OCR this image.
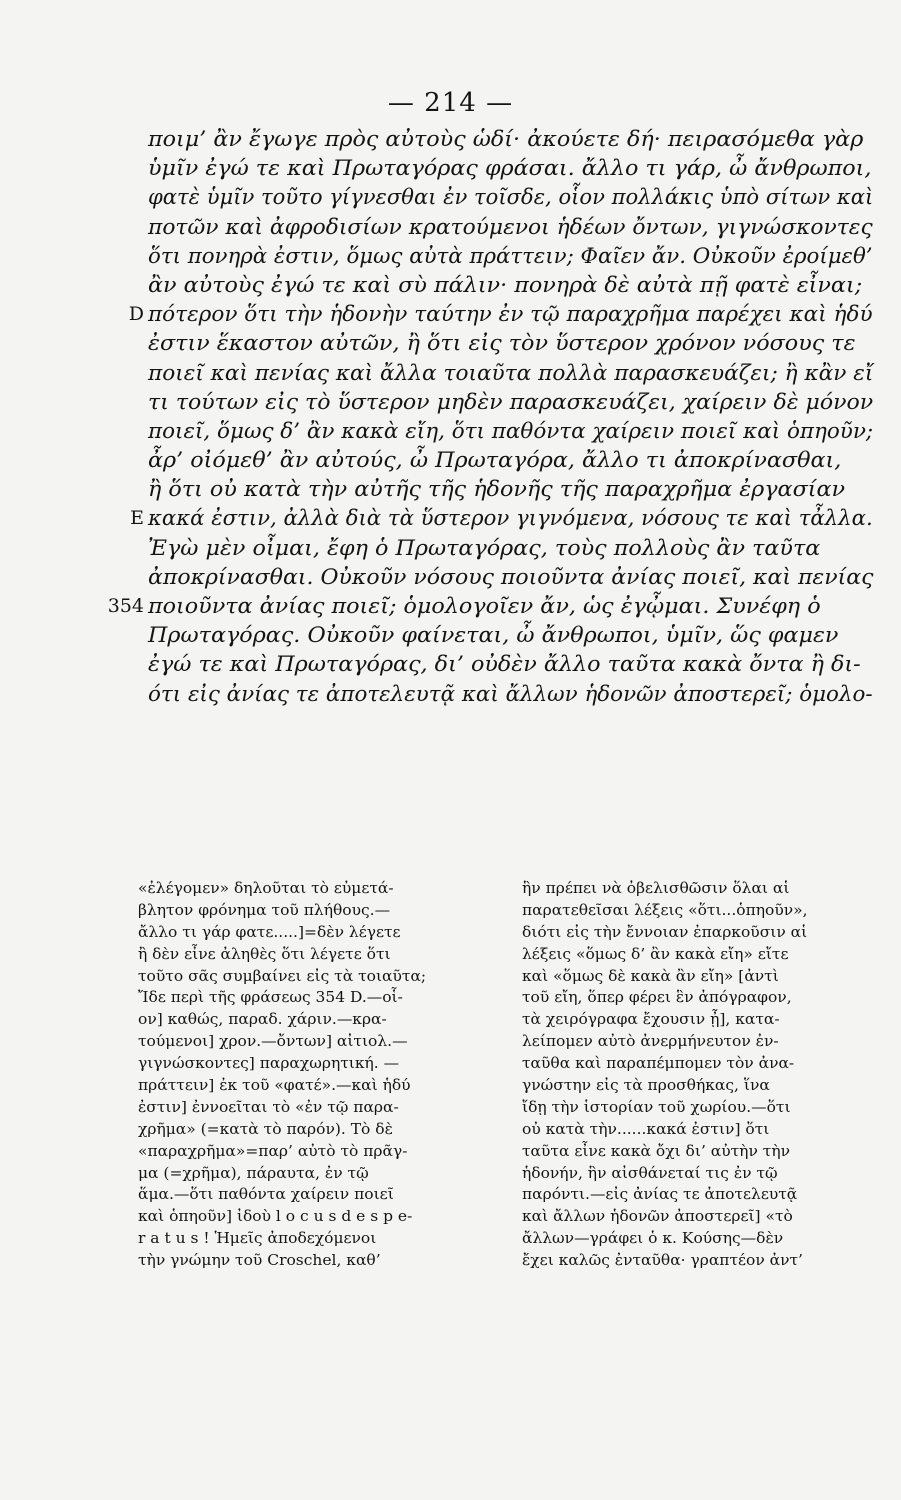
— 214 —
ποιμ’ ἂν ἔγωγε πρὸς αὐτοὺς ὡδί· ἀκούετε δή· πειρασόμεθα γὰρ
ὑμῖν ἐγώ τε καὶ Πρωταγόρας φράσαι. ἄλλο τι γάρ, ὦ ἄνθρωποι,
φατὲ ὑμῖν τοῦτο γίγνεσθαι ἐν τοῖσδε, οἷον πολλάκις ὑπὸ σίτων καὶ
ποτῶν καὶ ἀφροδισίων κρατούμενοι ἡδέων ὄντων, γιγνώσκοντες
ὅτι πονηρὰ ἐστιν, ὅμως αὐτὰ πράττειν; Φαῖεν ἄν. Οὐκοῦν ἐροίμεθ’
ἂν αὐτοὺς ἐγώ τε καὶ σὺ πάλιν· πονηρὰ δὲ αὐτὰ πῇ φατὲ εἶναι;
D πότερον ὅτι τὴν ἡδονὴν ταύτην ἐν τῷ παραχρῆμα παρέχει καὶ ἡδύ
ἐστιν ἕκαστον αὐτῶν, ἢ ὅτι εἰς τὸν ὕστερον χρόνον νόσους τε
ποιεῖ καὶ πενίας καὶ ἄλλα τοιαῦτα πολλὰ παρασκευάζει; ἢ κἂν εἴ
τι τούτων εἰς τὸ ὕστερον μηδὲν παρασκευάζει, χαίρειν δὲ μόνον
ποιεῖ, ὅμως δ’ ἂν κακὰ εἴη, ὅτι παθόντα χαίρειν ποιεῖ καὶ ὁπηοῦν;
ἆρ’ οἰόμεθ’ ἂν αὐτούς, ὦ Πρωταγόρα, ἄλλο τι ἀποκρίνασθαι,
ἢ ὅτι οὐ κατὰ τὴν αὐτῆς τῆς ἡδονῆς τῆς παραχρῆμα ἐργασίαν
E κακά ἐστιν, ἀλλὰ διὰ τὰ ὕστερον γιγνόμενα, νόσους τε καὶ τἆλλα.
Ἐγὼ μὲν οἶμαι, ἔφη ὁ Πρωταγόρας, τοὺς πολλοὺς ἂν ταῦτα
ἀποκρίνασθαι. Οὐκοῦν νόσους ποιοῦντα ἀνίας ποιεῖ, καὶ πενίας
354 ποιοῦντα ἀνίας ποιεῖ; ὁμολογοῖεν ἄν, ὡς ἐγᾦμαι. Συνέφη ὁ
Πρωταγόρας. Οὐκοῦν φαίνεται, ὦ ἄνθρωποι, ὑμῖν, ὥς φαμεν
ἐγώ τε καὶ Πρωταγόρας, δι’ οὐδὲν ἄλλο ταῦτα κακὰ ὄντα ἢ δι-
ότι εἰς ἀνίας τε ἀποτελευτᾷ καὶ ἄλλων ἡδονῶν ἀποστερεῖ; ὁμολο-
«ἐλέγομεν» δηλοῦται τὸ εὐμετά-βλητον φρόνημα τοῦ πλήθους.—ἄλλο τι γάρ φατε.....]=δὲν λέγετεἢ δὲν εἶνε ἀληθὲς ὅτι λέγετε ὅτιτοῦτο σᾶς συμβαίνει εἰς τὰ τοιαῦτα;Ἴδε περὶ τῆς φράσεως 354 D.—οἷ-ον] καθώς, παραδ. χάριν.—κρα-τούμενοι] χρον.—ὄντων] αἰτιολ.—γιγνώσκοντες] παραχωρητική. —πράττειν] ἐκ τοῦ «φατέ».—καὶ ἡδύἐστιν] ἐννοεῖται τὸ «ἐν τῷ παρα-χρῆμα» (=κατὰ τὸ παρόν). Τὸ δὲ«παραχρῆμα»=παρ’ αὐτὸ τὸ πρᾶγ-μα (=χρῆμα), πάραυτα, ἐν τῷἅμα.—ὅτι παθόντα χαίρειν ποιεῖκαὶ ὁπηοῦν] ἰδοὺ l o c u s d e s p e-r a t u s ! Ἡμεῖς ἀποδεχόμενοιτὴν γνώμην τοῦ Croschel, καθ’
ἣν πρέπει νὰ ὀβελισθῶσιν ὅλαι αἱπαρατεθεῖσαι λέξεις «ὅτι...ὁπηοῦν»,διότι εἰς τὴν ἔννοιαν ἐπαρκοῦσιν αἱλέξεις «ὅμως δ’ ἂν κακὰ εἴη» εἴτεκαὶ «ὅμως δὲ κακὰ ἂν εἴη» [ἀντὶτοῦ εἴη, ὅπερ φέρει ἓν ἀπόγραφον,τὰ χειρόγραφα ἔχουσιν ᾖ], κατα-λείπομεν αὐτὸ ἀνερμήνευτον ἐν-ταῦθα καὶ παραπέμπομεν τὸν ἀνα-γνώστην εἰς τὰ προσθήκας, ἵναἴδῃ τὴν ἱστορίαν τοῦ χωρίου.—ὅτιοὐ κατὰ τὴν......κακά ἐστιν] ὅτιταῦτα εἶνε κακὰ ὄχι δι’ αὐτὴν τὴνἡδονήν, ἣν αἰσθάνεταί τις ἐν τῷπαρόντι.—εἰς ἀνίας τε ἀποτελευτᾷκαὶ ἄλλων ἡδονῶν ἀποστερεῖ] «τὸἄλλων—γράφει ὁ κ. Κούσης—δὲνἔχει καλῶς ἐνταῦθα· γραπτέον ἀντ’
